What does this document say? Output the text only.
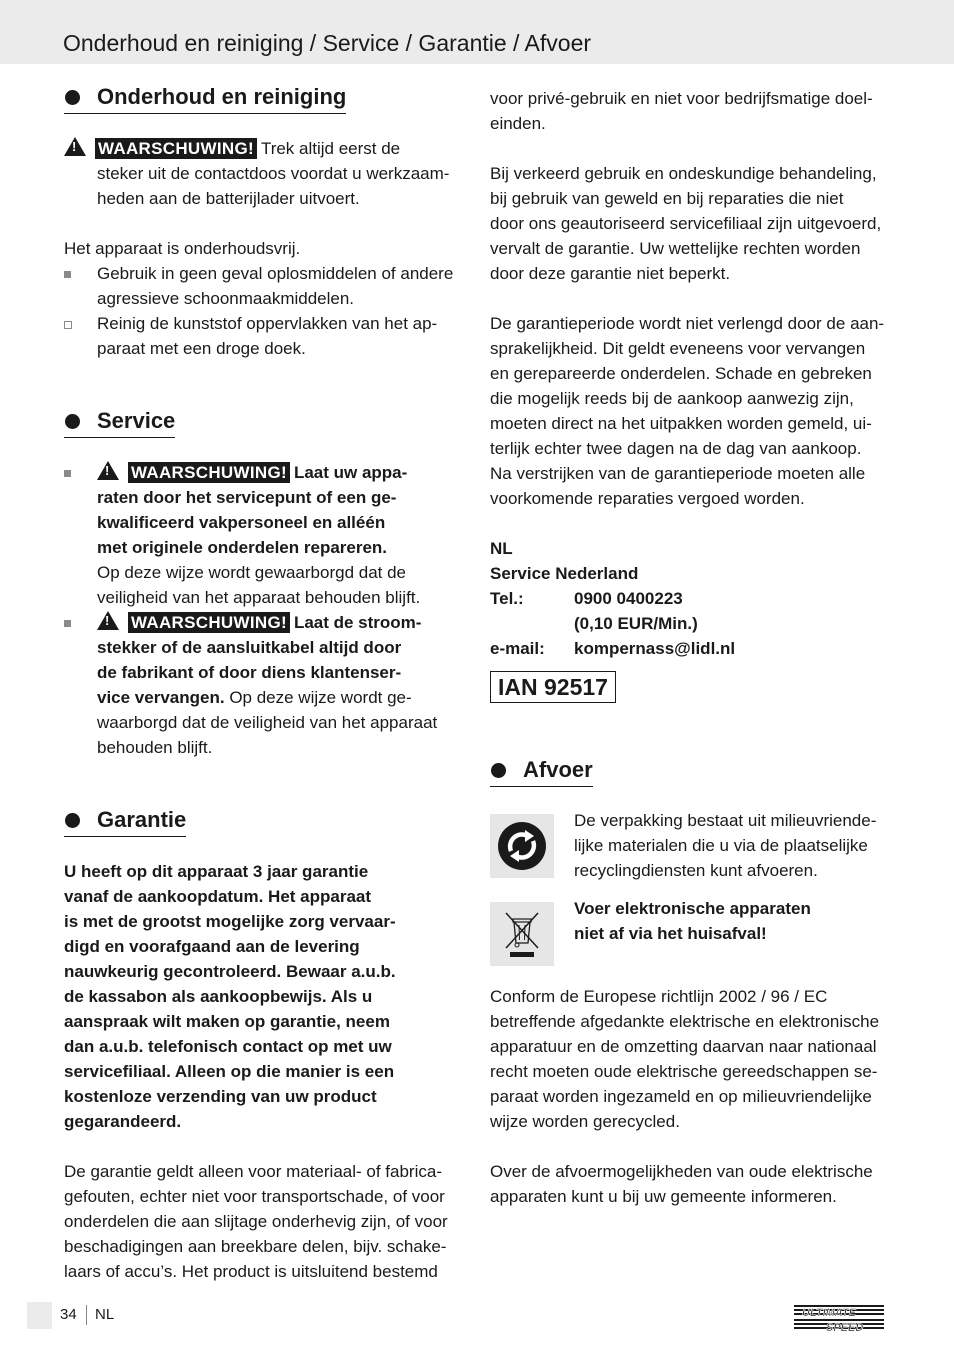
Onderhoud en reiniging / Service / Garantie / Afvoer
Onderhoud en reiniging

!WAARSCHUWING! Trek altijd eerst de

steker uit de contactdoos voordat u werkzaam-

heden aan de batterijlader uitvoert.

Het apparaat is onderhoudsvrij.

Gebruik in geen geval oplosmiddelen of andere

agressieve schoonmaakmiddelen.

Reinig de kunststof oppervlakken van het ap-

paraat met een droge doek.

Service

!WAARSCHUWING! Laat uw appa-

raten door het servicepunt of een ge-

kwalificeerd vakpersoneel en alléén

met originele onderdelen repareren.

Op deze wijze wordt gewaarborgd dat de

veiligheid van het apparaat behouden blijft.

!WAARSCHUWING! Laat de stroom-

stekker of de aansluitkabel altijd door

de fabrikant of door diens klantenser-

vice vervangen. Op deze wijze wordt ge-

waarborgd dat de veiligheid van het apparaat

behouden blijft.

Garantie

U heeft op dit apparaat 3 jaar garantie

vanaf de aankoopdatum. Het apparaat

is met de grootst mogelijke zorg vervaar-

digd en voorafgaand aan de levering

nauwkeurig gecontroleerd. Bewaar a.u.b.

de kassabon als aankoopbewijs. Als u

aanspraak wilt maken op garantie, neem

dan a.u.b. telefonisch contact op met uw

servicefiliaal. Alleen op die manier is een

kostenloze verzending van uw product

gegarandeerd.

De garantie geldt alleen voor materiaal- of fabrica-

gefouten, echter niet voor transportschade, of voor

onderdelen die aan slijtage onderhevig zijn, of voor

beschadigingen aan breekbare delen, bijv. schake-

laars of accu’s. Het product is uitsluitend bestemd

voor privé-gebruik en niet voor bedrijfsmatige doel-

einden.

Bij verkeerd gebruik en ondeskundige behandeling,

bij gebruik van geweld en bij reparaties die niet

door ons geautoriseerd servicefiliaal zijn uitgevoerd,

vervalt de garantie. Uw wettelijke rechten worden

door deze garantie niet beperkt.

De garantieperiode wordt niet verlengd door de aan-

sprakelijkheid. Dit geldt eveneens voor vervangen

en gerepareerde onderdelen. Schade en gebreken

die mogelijk reeds bij de aankoop aanwezig zijn,

moeten direct na het uitpakken worden gemeld, ui-

terlijk echter twee dagen na de dag van aankoop.

Na verstrijken van de garantieperiode moeten alle

voorkomende reparaties vergoed worden.

NL

Service Nederland

Tel.:	0900 0400223
(0,10 EUR/Min.)
e-mail:	kompernass@lidl.nl
IAN 92517
Afvoer

De verpakking bestaat uit milieuvriende-

lijke materialen die u via de plaatselijke

recyclingdiensten kunt afvoeren.

Voer elektronische apparaten

niet af via het huisafval!

Conform de Europese richtlijn 2002 / 96 / EC

betreffende afgedankte elektrische en elektronische

apparatuur en de omzetting daarvan naar nationaal

recht moeten oude elektrische gereedschappen se-

paraat worden ingezameld en op milieuvriendelijke

wijze worden gerecycled.

Over de afvoermogelijkheden van oude elektrische

apparaten kunt u bij uw gemeente informeren.

34 NL	ULTIMATE
SPEED
